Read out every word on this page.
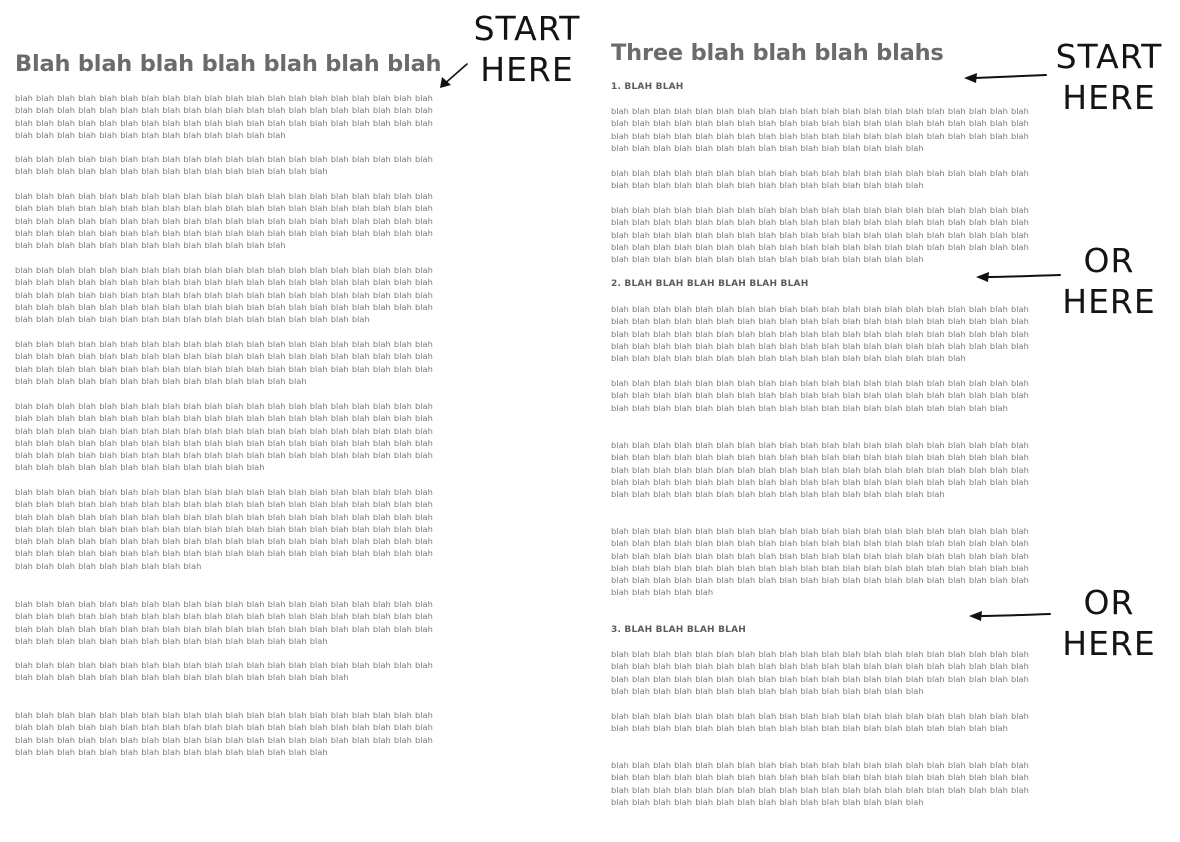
Blah blah blah blah blah blah blah

blah blah blah blah blah blah blah blah blah blah blah blah blah blah blah blah blah blah blah blah blah blah blah blah blah blah blah blah blah blah blah blah blah blah blah blah blah blah blah blah blah blah blah blah blah blah blah blah blah blah blah blah blah blah blah blah blah blah blah blah blah blah blah blah blah blah blah blah blah blah blah blah blah

blah blah blah blah blah blah blah blah blah blah blah blah blah blah blah blah blah blah blah blah blah blah blah blah blah blah blah blah blah blah blah blah blah blah blah

blah blah blah blah blah blah blah blah blah blah blah blah blah blah blah blah blah blah blah blah blah blah blah blah blah blah blah blah blah blah blah blah blah blah blah blah blah blah blah blah blah blah blah blah blah blah blah blah blah blah blah blah blah blah blah blah blah blah blah blah blah blah blah blah blah blah blah blah blah blah blah blah blah blah blah blah blah blah blah blah blah blah blah blah blah blah blah blah blah blah blah blah blah

blah blah blah blah blah blah blah blah blah blah blah blah blah blah blah blah blah blah blah blah blah blah blah blah blah blah blah blah blah blah blah blah blah blah blah blah blah blah blah blah blah blah blah blah blah blah blah blah blah blah blah blah blah blah blah blah blah blah blah blah blah blah blah blah blah blah blah blah blah blah blah blah blah blah blah blah blah blah blah blah blah blah blah blah blah blah blah blah blah blah blah blah blah blah blah blah blah

blah blah blah blah blah blah blah blah blah blah blah blah blah blah blah blah blah blah blah blah blah blah blah blah blah blah blah blah blah blah blah blah blah blah blah blah blah blah blah blah blah blah blah blah blah blah blah blah blah blah blah blah blah blah blah blah blah blah blah blah blah blah blah blah blah blah blah blah blah blah blah blah blah blah

blah blah blah blah blah blah blah blah blah blah blah blah blah blah blah blah blah blah blah blah blah blah blah blah blah blah blah blah blah blah blah blah blah blah blah blah blah blah blah blah blah blah blah blah blah blah blah blah blah blah blah blah blah blah blah blah blah blah blah blah blah blah blah blah blah blah blah blah blah blah blah blah blah blah blah blah blah blah blah blah blah blah blah blah blah blah blah blah blah blah blah blah blah blah blah blah blah blah blah blah blah blah blah blah blah blah blah blah blah blah blah blah

blah blah blah blah blah blah blah blah blah blah blah blah blah blah blah blah blah blah blah blah blah blah blah blah blah blah blah blah blah blah blah blah blah blah blah blah blah blah blah blah blah blah blah blah blah blah blah blah blah blah blah blah blah blah blah blah blah blah blah blah blah blah blah blah blah blah blah blah blah blah blah blah blah blah blah blah blah blah blah blah blah blah blah blah blah blah blah blah blah blah blah blah blah blah blah blah blah blah blah blah blah blah blah blah blah blah blah blah blah blah blah blah blah blah blah blah blah blah blah blah blah blah blah blah blah blah blah blah blah

blah blah blah blah blah blah blah blah blah blah blah blah blah blah blah blah blah blah blah blah blah blah blah blah blah blah blah blah blah blah blah blah blah blah blah blah blah blah blah blah blah blah blah blah blah blah blah blah blah blah blah blah blah blah blah blah blah blah blah blah blah blah blah blah blah blah blah blah blah blah blah blah blah blah blah

blah blah blah blah blah blah blah blah blah blah blah blah blah blah blah blah blah blah blah blah blah blah blah blah blah blah blah blah blah blah blah blah blah blah blah blah

blah blah blah blah blah blah blah blah blah blah blah blah blah blah blah blah blah blah blah blah blah blah blah blah blah blah blah blah blah blah blah blah blah blah blah blah blah blah blah blah blah blah blah blah blah blah blah blah blah blah blah blah blah blah blah blah blah blah blah blah blah blah blah blah blah blah blah blah blah blah blah blah blah blah blah

Three blah blah blah blahs
1. BLAH BLAH

blah blah blah blah blah blah blah blah blah blah blah blah blah blah blah blah blah blah blah blah blah blah blah blah blah blah blah blah blah blah blah blah blah blah blah blah blah blah blah blah blah blah blah blah blah blah blah blah blah blah blah blah blah blah blah blah blah blah blah blah blah blah blah blah blah blah blah blah blah blah blah blah blah blah blah

blah blah blah blah blah blah blah blah blah blah blah blah blah blah blah blah blah blah blah blah blah blah blah blah blah blah blah blah blah blah blah blah blah blah blah

blah blah blah blah blah blah blah blah blah blah blah blah blah blah blah blah blah blah blah blah blah blah blah blah blah blah blah blah blah blah blah blah blah blah blah blah blah blah blah blah blah blah blah blah blah blah blah blah blah blah blah blah blah blah blah blah blah blah blah blah blah blah blah blah blah blah blah blah blah blah blah blah blah blah blah blah blah blah blah blah blah blah blah blah blah blah blah blah blah blah blah blah blah blah blah

2. BLAH BLAH BLAH BLAH BLAH BLAH

blah blah blah blah blah blah blah blah blah blah blah blah blah blah blah blah blah blah blah blah blah blah blah blah blah blah blah blah blah blah blah blah blah blah blah blah blah blah blah blah blah blah blah blah blah blah blah blah blah blah blah blah blah blah blah blah blah blah blah blah blah blah blah blah blah blah blah blah blah blah blah blah blah blah blah blah blah blah blah blah blah blah blah blah blah blah blah blah blah blah blah blah blah blah blah blah blah

blah blah blah blah blah blah blah blah blah blah blah blah blah blah blah blah blah blah blah blah blah blah blah blah blah blah blah blah blah blah blah blah blah blah blah blah blah blah blah blah blah blah blah blah blah blah blah blah blah blah blah blah blah blah blah blah blah blah blah

blah blah blah blah blah blah blah blah blah blah blah blah blah blah blah blah blah blah blah blah blah blah blah blah blah blah blah blah blah blah blah blah blah blah blah blah blah blah blah blah blah blah blah blah blah blah blah blah blah blah blah blah blah blah blah blah blah blah blah blah blah blah blah blah blah blah blah blah blah blah blah blah blah blah blah blah blah blah blah blah blah blah blah blah blah blah blah blah blah blah blah blah blah blah blah blah

blah blah blah blah blah blah blah blah blah blah blah blah blah blah blah blah blah blah blah blah blah blah blah blah blah blah blah blah blah blah blah blah blah blah blah blah blah blah blah blah blah blah blah blah blah blah blah blah blah blah blah blah blah blah blah blah blah blah blah blah blah blah blah blah blah blah blah blah blah blah blah blah blah blah blah blah blah blah blah blah blah blah blah blah blah blah blah blah blah blah blah blah blah blah blah blah blah blah blah blah blah blah blah blah blah

3. BLAH BLAH BLAH BLAH

blah blah blah blah blah blah blah blah blah blah blah blah blah blah blah blah blah blah blah blah blah blah blah blah blah blah blah blah blah blah blah blah blah blah blah blah blah blah blah blah blah blah blah blah blah blah blah blah blah blah blah blah blah blah blah blah blah blah blah blah blah blah blah blah blah blah blah blah blah blah blah blah blah blah blah

blah blah blah blah blah blah blah blah blah blah blah blah blah blah blah blah blah blah blah blah blah blah blah blah blah blah blah blah blah blah blah blah blah blah blah blah blah blah blah

blah blah blah blah blah blah blah blah blah blah blah blah blah blah blah blah blah blah blah blah blah blah blah blah blah blah blah blah blah blah blah blah blah blah blah blah blah blah blah blah blah blah blah blah blah blah blah blah blah blah blah blah blah blah blah blah blah blah blah blah blah blah blah blah blah blah blah blah blah blah blah blah blah blah blah

START
HERE	START
HERE
OR
HERE
OR
HERE
